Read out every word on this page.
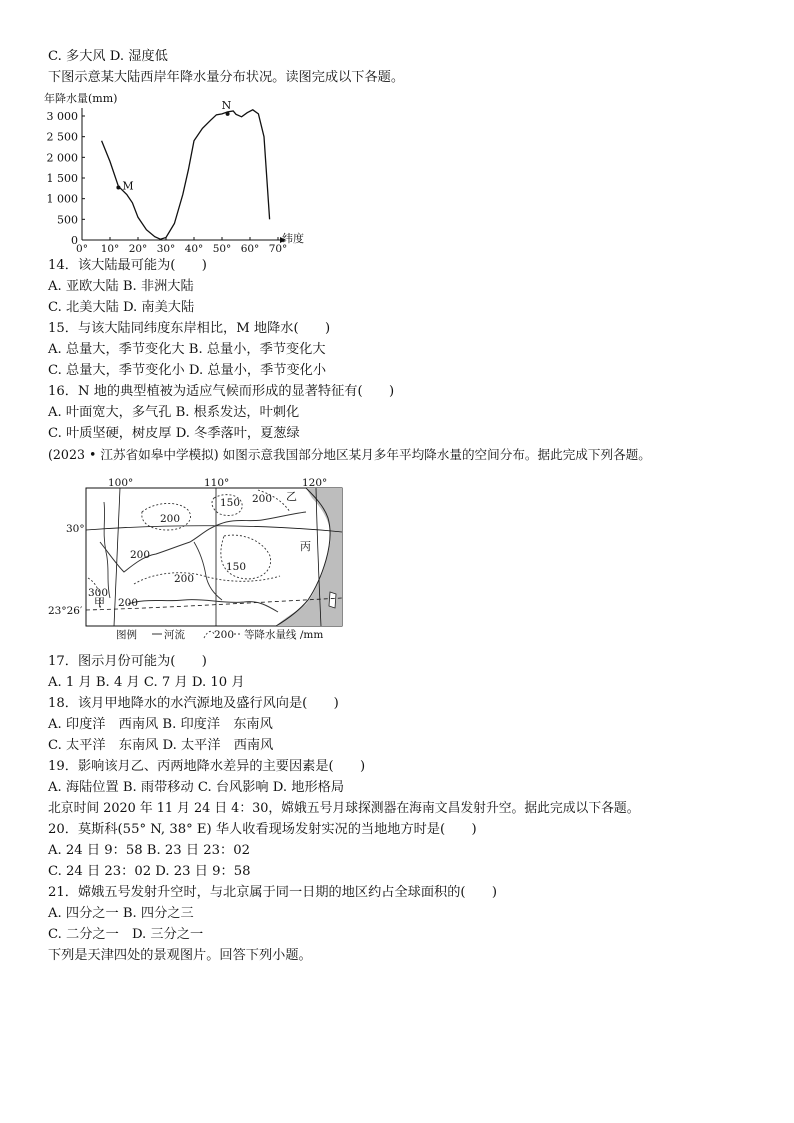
C. 多大风 D. 湿度低
下图示意某大陆西岸年降水量分布状况。读图完成以下各题。
年降水量(mm)
3 000
2 500
2 000
1 500
1 000
500
0
0° 10° 20° 30° 40° 50° 60° 70°
纬度
M
N
14．该大陆最可能为(　　)
A. 亚欧大陆 B. 非洲大陆
C. 北美大陆 D. 南美大陆
15．与该大陆同纬度东岸相比，M 地降水(　　)
A. 总量大，季节变化大 B. 总量小，季节变化大
C. 总量大，季节变化小 D. 总量小，季节变化小
16．N 地的典型植被为适应气候而形成的显著特征有(　　)
A. 叶面宽大，多气孔 B. 根系发达，叶刺化
C. 叶质坚硬，树皮厚 D. 冬季落叶，夏葱绿
(2023 • 江苏省如皋中学模拟) 如图示意我国部分地区某月多年平均降水量的空间分布。据此完成下列各题。
100°	110°	120°
30°
23°26′
200
150 200
200
200
150
300
200
乙
丙
甲
图例	河流	200 等降水量线 /mm
17．图示月份可能为(　　)
A. 1 月 B. 4 月 C. 7 月 D. 10 月
18．该月甲地降水的水汽源地及盛行风向是(　　)
A. 印度洋　西南风 B. 印度洋　东南风
C. 太平洋　东南风 D. 太平洋　西南风
19．影响该月乙、丙两地降水差异的主要因素是(　　)
A. 海陆位置 B. 雨带移动 C. 台风影响 D. 地形格局
北京时间 2020 年 11 月 24 日 4：30，嫦娥五号月球探测器在海南文昌发射升空。据此完成以下各题。
20．莫斯科(55° N, 38° E) 华人收看现场发射实况的当地地方时是(　　)
A. 24 日 9：58 B. 23 日 23：02
C. 24 日 23：02 D. 23 日 9：58
21．嫦娥五号发射升空时，与北京属于同一日期的地区约占全球面积的(　　)
A. 四分之一 B. 四分之三
C. 二分之一　D. 三分之一
下列是天津四处的景观图片。回答下列小题。
